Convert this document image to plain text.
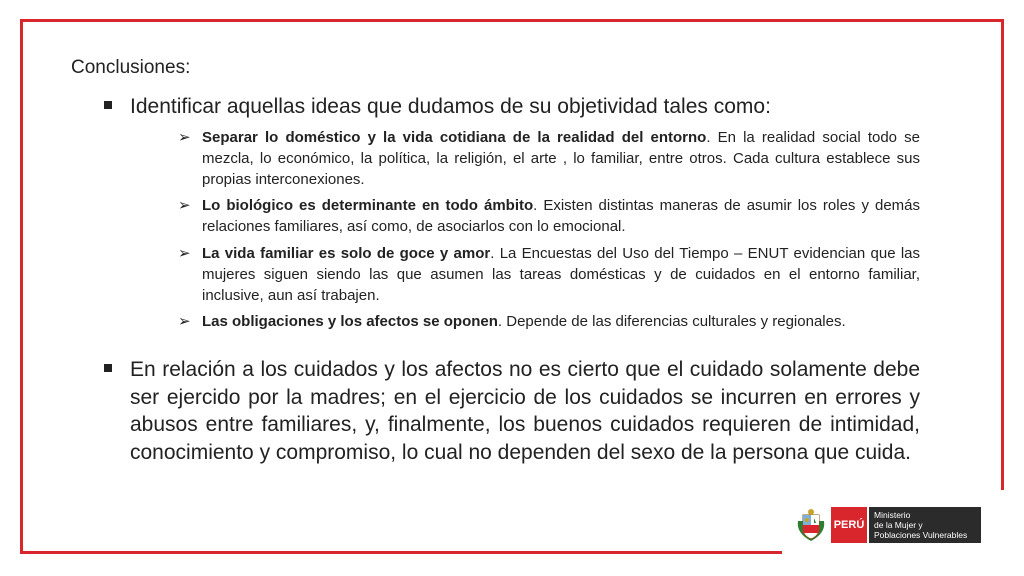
Conclusiones:
Identificar aquellas ideas que dudamos de su objetividad tales como:
➢ Separar lo doméstico y la vida cotidiana de la realidad del entorno. En la realidad social todo se mezcla, lo económico, la política, la religión, el arte , lo familiar, entre otros. Cada cultura establece sus propias interconexiones.
➢ Lo biológico es determinante en todo ámbito. Existen distintas maneras de asumir los roles y demás relaciones familiares, así como, de asociarlos con lo emocional.
➢ La vida familiar es solo de goce y amor. La Encuestas del Uso del Tiempo – ENUT evidencian que las mujeres siguen siendo las que asumen las tareas domésticas y de cuidados en el entorno familiar, inclusive, aun así trabajen.
➢ Las obligaciones y los afectos se oponen. Depende de las diferencias culturales y regionales.
En relación a los cuidados y los afectos no es cierto que el cuidado solamente debe ser ejercido por la madres; en el ejercicio de los cuidados se incurren en errores y abusos entre familiares, y, finalmente, los buenos cuidados requieren de intimidad, conocimiento y compromiso, lo cual no dependen del sexo de la persona que cuida.
PERÚ
Ministerio
de la Mujer y
Poblaciones Vulnerables
